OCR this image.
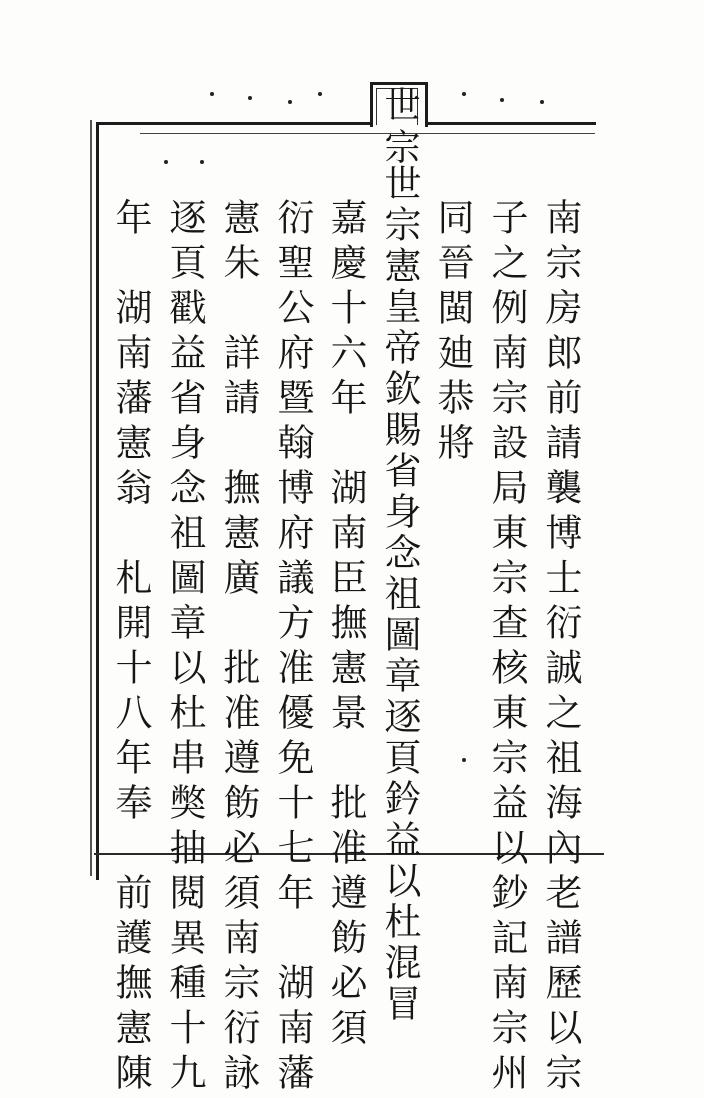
世宗
南宗房郎前請襲博士衍誠之祖海內老譜歷以宗
子之例南宗設局東宗查核東宗益以鈔記南宗州
同晉閩廸恭將
世宗憲皇帝欽賜省身念祖圖章逐頁鈐益以杜混冒
嘉慶十六年　湖南臣撫憲景　批准遵飭必須
衍聖公府暨翰博府議方准優免十七年　湖南藩
憲朱　詳請　撫憲廣　批准遵飭必須南宗衍詠
逐頁戳益省身念祖圖章以杜串獘抽閱異種十九
年　湖南藩憲翁　札開十八年奉　前護撫憲陳
